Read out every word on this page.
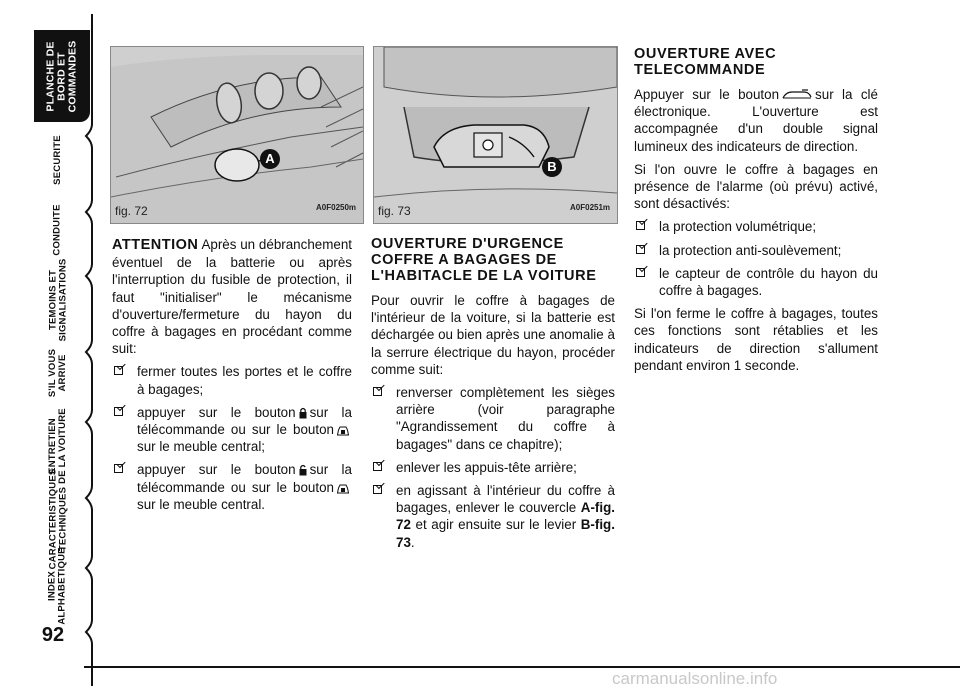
PLANCHE DE
BORD ET
COMMANDES
SECURITE
CONDUITE
TEMOINS ET
SIGNALISATIONS
S'IL VOUS
ARRIVE
ENTRETIEN
DE LA VOITURE
CARACTERISTIQUES
TECHNIQUES
INDEX
ALPHABETIQUE
92
A
fig. 72	A0F0250m
B
fig. 73	A0F0251m

ATTENTION Après un débranchement éventuel de la batterie ou après l'interruption du fusible de protection, il faut "initialiser" le mécanisme d'ouverture/fermeture du hayon du coffre à bagages en procédant comme suit:

fermer toutes les portes et le coffre à bagages;
appuyer sur le bouton sur la télécommande ou sur le boutonsur le meuble central;
appuyer sur le bouton sur la télécommande ou sur le boutonsur le meuble central.
OUVERTURE D'URGENCE COFFRE A BAGAGES DE L'HABITACLE DE LA VOITURE

Pour ouvrir le coffre à bagages de l'intérieur de la voiture, si la batterie est déchargée ou bien après une anomalie à la serrure électrique du hayon, procéder comme suit:

renverser complètement les sièges arrière (voir paragraphe "Agrandissement du coffre à bagages" dans ce chapitre);
enlever les appuis-tête arrière;
en agissant à l'intérieur du coffre à bagages, enlever le couvercle A-fig. 72 et agir ensuite sur le levier B-fig. 73.
OUVERTURE AVEC TELECOMMANDE

Appuyer sur le bouton	sur la clé électronique. L'ouverture est accompagnée d'un double signal lumineux des indicateurs de direction.

Si l'on ouvre le coffre à bagages en présence de l'alarme (où prévu) activé, sont désactivés:

la protection volumétrique;
la protection anti-soulèvement;
le capteur de contrôle du hayon du coffre à bagages.

Si l'on ferme le coffre à bagages, toutes ces fonctions sont rétablies et les indicateurs de direction s'allument pendant environ 1 seconde.

carmanualsonline.info
